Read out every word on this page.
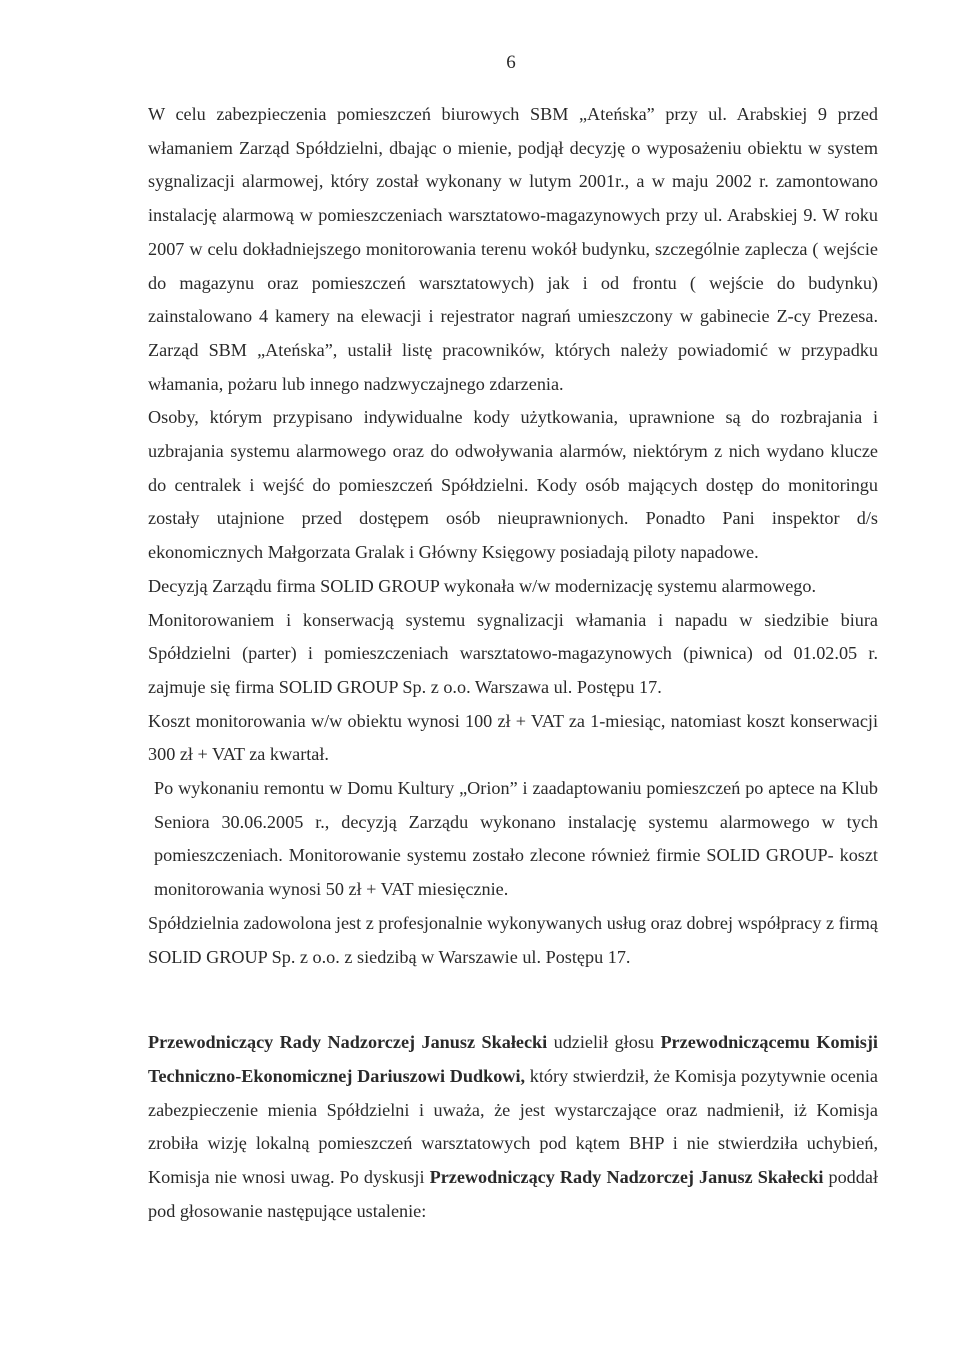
6

W celu zabezpieczenia pomieszczeń biurowych SBM „Ateńska” przy ul. Arabskiej 9 przed włamaniem Zarząd Spółdzielni, dbając o mienie, podjął decyzję o wyposażeniu obiektu w system sygnalizacji alarmowej, który został wykonany w lutym 2001r., a w maju 2002 r. zamontowano instalację alarmową w pomieszczeniach warsztatowo-magazynowych przy ul. Arabskiej 9. W roku 2007 w celu dokładniejszego monitorowania terenu wokół budynku, szczególnie zaplecza ( wejście do magazynu oraz pomieszczeń warsztatowych) jak i od frontu ( wejście do budynku) zainstalowano 4 kamery na elewacji i rejestrator nagrań umieszczony w gabinecie Z-cy Prezesa. Zarząd SBM „Ateńska”, ustalił listę pracowników, których należy powiadomić w przypadku włamania, pożaru lub innego nadzwyczajnego zdarzenia.

Osoby, którym przypisano indywidualne kody użytkowania, uprawnione są do rozbrajania i uzbrajania systemu alarmowego oraz do odwoływania alarmów, niektórym z nich wydano klucze do centralek i wejść do pomieszczeń Spółdzielni. Kody osób mających dostęp do monitoringu zostały utajnione przed dostępem osób nieuprawnionych. Ponadto Pani inspektor d/s ekonomicznych Małgorzata Gralak i Główny Księgowy posiadają piloty napadowe.

Decyzją Zarządu firma SOLID GROUP wykonała w/w modernizację systemu alarmowego.

Monitorowaniem i konserwacją systemu sygnalizacji włamania i napadu w siedzibie biura Spółdzielni (parter) i pomieszczeniach warsztatowo-magazynowych (piwnica) od 01.02.05 r. zajmuje się firma SOLID GROUP Sp. z o.o. Warszawa ul. Postępu 17.

Koszt monitorowania w/w obiektu wynosi 100 zł + VAT za 1-miesiąc, natomiast koszt konserwacji 300 zł + VAT za kwartał.

Po wykonaniu remontu w Domu Kultury „Orion” i zaadaptowaniu pomieszczeń po aptece na Klub Seniora 30.06.2005 r., decyzją Zarządu wykonano instalację systemu alarmowego w tych pomieszczeniach. Monitorowanie systemu zostało zlecone również firmie SOLID GROUP- koszt monitorowania wynosi 50 zł + VAT miesięcznie.

Spółdzielnia zadowolona jest z profesjonalnie wykonywanych usług oraz dobrej współpracy z firmą SOLID GROUP Sp. z o.o. z siedzibą w Warszawie ul. Postępu 17.

Przewodniczący Rady Nadzorczej Janusz Skałecki udzielił głosu Przewodniczącemu Komisji Techniczno-Ekonomicznej Dariuszowi Dudkowi, który stwierdził, że Komisja pozytywnie ocenia zabezpieczenie mienia Spółdzielni i uważa, że jest wystarczające oraz nadmienił, iż Komisja zrobiła wizję lokalną pomieszczeń warsztatowych pod kątem BHP i nie stwierdziła uchybień, Komisja nie wnosi uwag. Po dyskusji Przewodniczący Rady Nadzorczej Janusz Skałecki poddał pod głosowanie następujące ustalenie:
